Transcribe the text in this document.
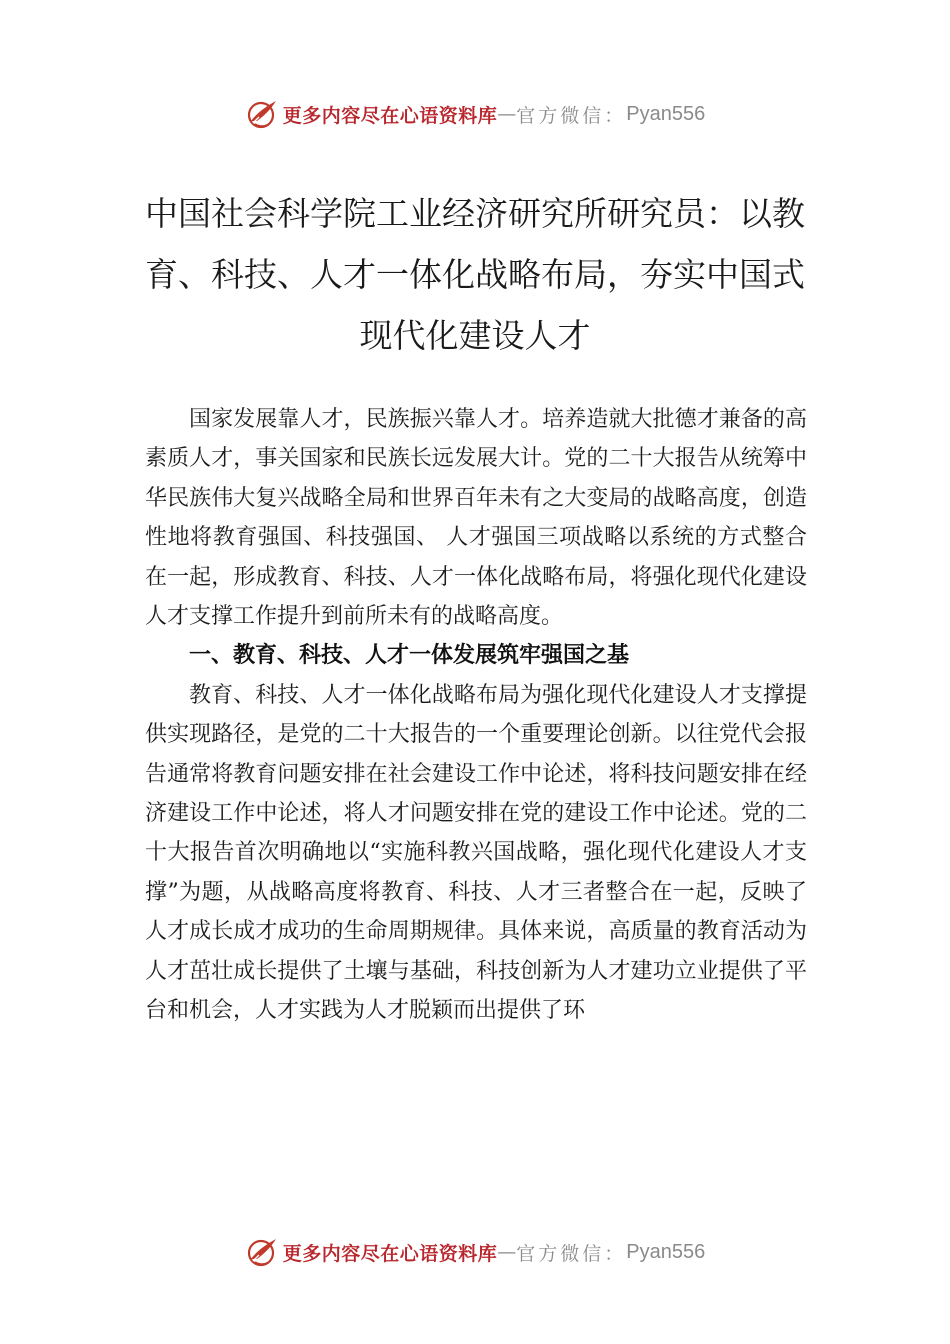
更多内容尽在心语资料库 — 官方微信： Pyan556
中国社会科学院工业经济研究所研究员：以教育、科技、人才一体化战略布局，夯实中国式现代化建设人才

国家发展靠人才，民族振兴靠人才。培养造就大批德才兼备的高素质人才，事关国家和民族长远发展大计。党的二十大报告从统筹中华民族伟大复兴战略全局和世界百年未有之大变局的战略高度，创造性地将教育强国、科技强国、 人才强国三项战略以系统的方式整合在一起，形成教育、科技、人才一体化战略布局，将强化现代化建设人才支撑工作提升到前所未有的战略高度。

一、教育、科技、人才一体发展筑牢强国之基

教育、科技、人才一体化战略布局为强化现代化建设人才支撑提供实现路径，是党的二十大报告的一个重要理论创新。以往党代会报告通常将教育问题安排在社会建设工作中论述，将科技问题安排在经济建设工作中论述，将人才问题安排在党的建设工作中论述。党的二十大报告首次明确地以“实施科教兴国战略，强化现代化建设人才支撑”为题，从战略高度将教育、科技、人才三者整合在一起，反映了人才成长成才成功的生命周期规律。具体来说，高质量的教育活动为人才茁壮成长提供了土壤与基础，科技创新为人才建功立业提供了平台和机会，人才实践为人才脱颖而出提供了环

更多内容尽在心语资料库 — 官方微信： Pyan556
